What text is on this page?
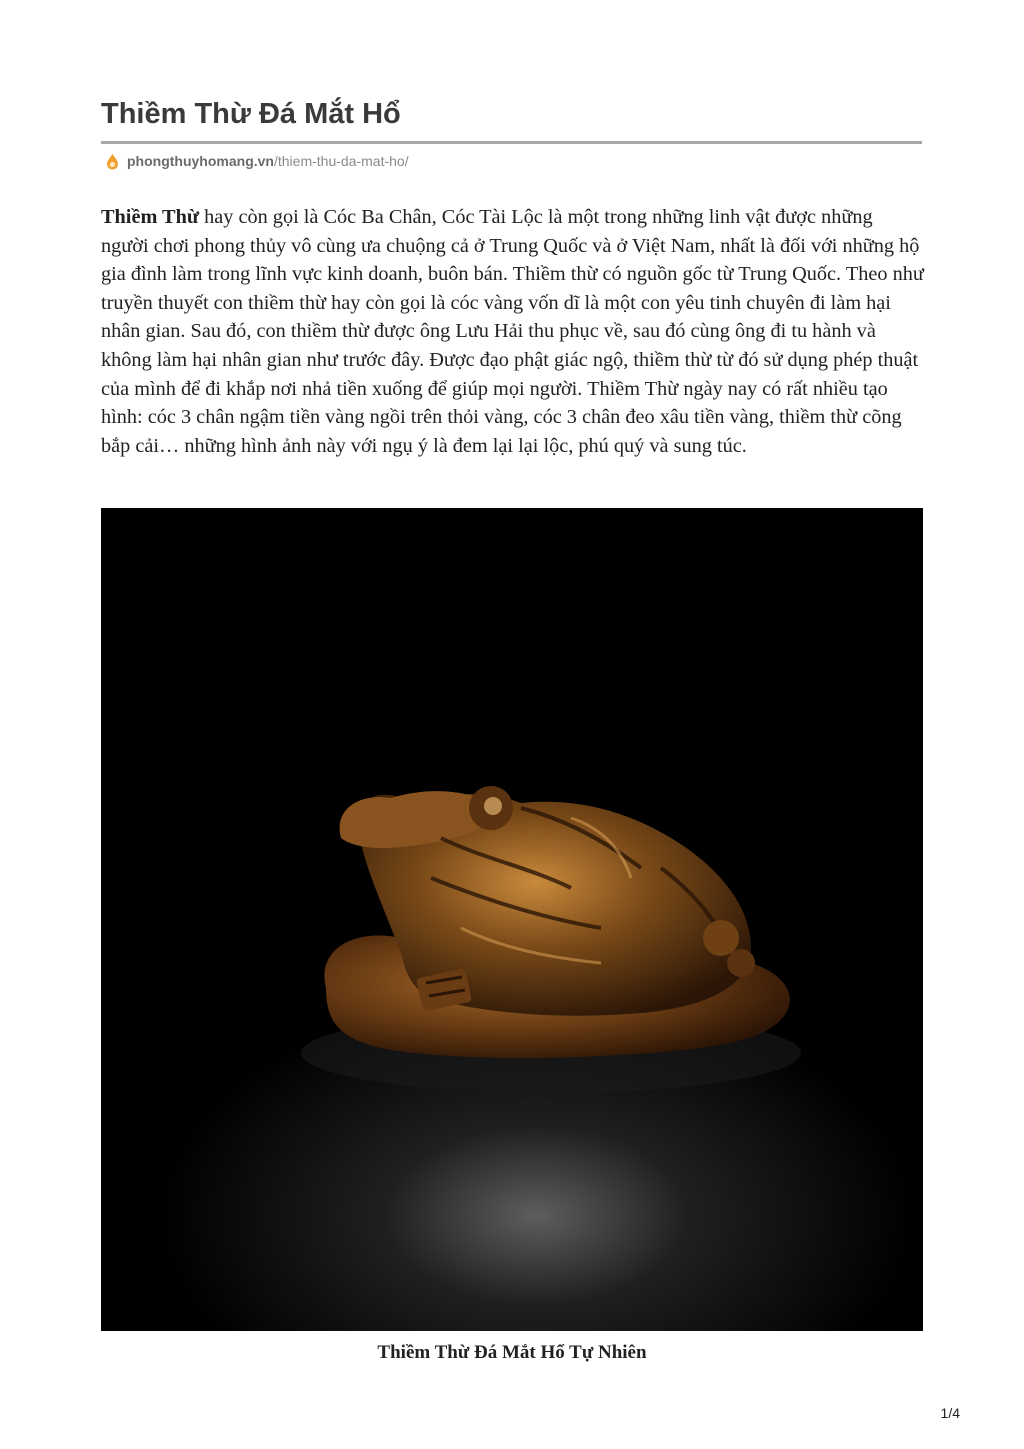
Thiềm Thừ Đá Mắt Hổ
phongthuyhomang.vn /thiem-thu-da-mat-ho/

Thiềm Thừ hay còn gọi là Cóc Ba Chân, Cóc Tài Lộc là một trong những linh vật được những người chơi phong thủy vô cùng ưa chuộng cả ở Trung Quốc và ở Việt Nam, nhất là đối với những hộ gia đình làm trong lĩnh vực kinh doanh, buôn bán. Thiềm thừ có nguồn gốc từ Trung Quốc. Theo như truyền thuyết con thiềm thừ hay còn gọi là cóc vàng vốn dĩ là một con yêu tinh chuyên đi làm hại nhân gian. Sau đó, con thiềm thừ được ông Lưu Hải thu phục về, sau đó cùng ông đi tu hành và không làm hại nhân gian như trước đây. Được đạo phật giác ngộ, thiềm thừ từ đó sử dụng phép thuật của mình để đi khắp nơi nhả tiền xuống để giúp mọi người. Thiềm Thừ ngày nay có rất nhiều tạo hình: cóc 3 chân ngậm tiền vàng ngồi trên thỏi vàng, cóc 3 chân đeo xâu tiền vàng, thiềm thừ cõng bắp cải… những hình ảnh này với ngụ ý là đem lại lại lộc, phú quý và sung túc.

Thiềm Thừ Đá Mắt Hổ Tự Nhiên
1/4
